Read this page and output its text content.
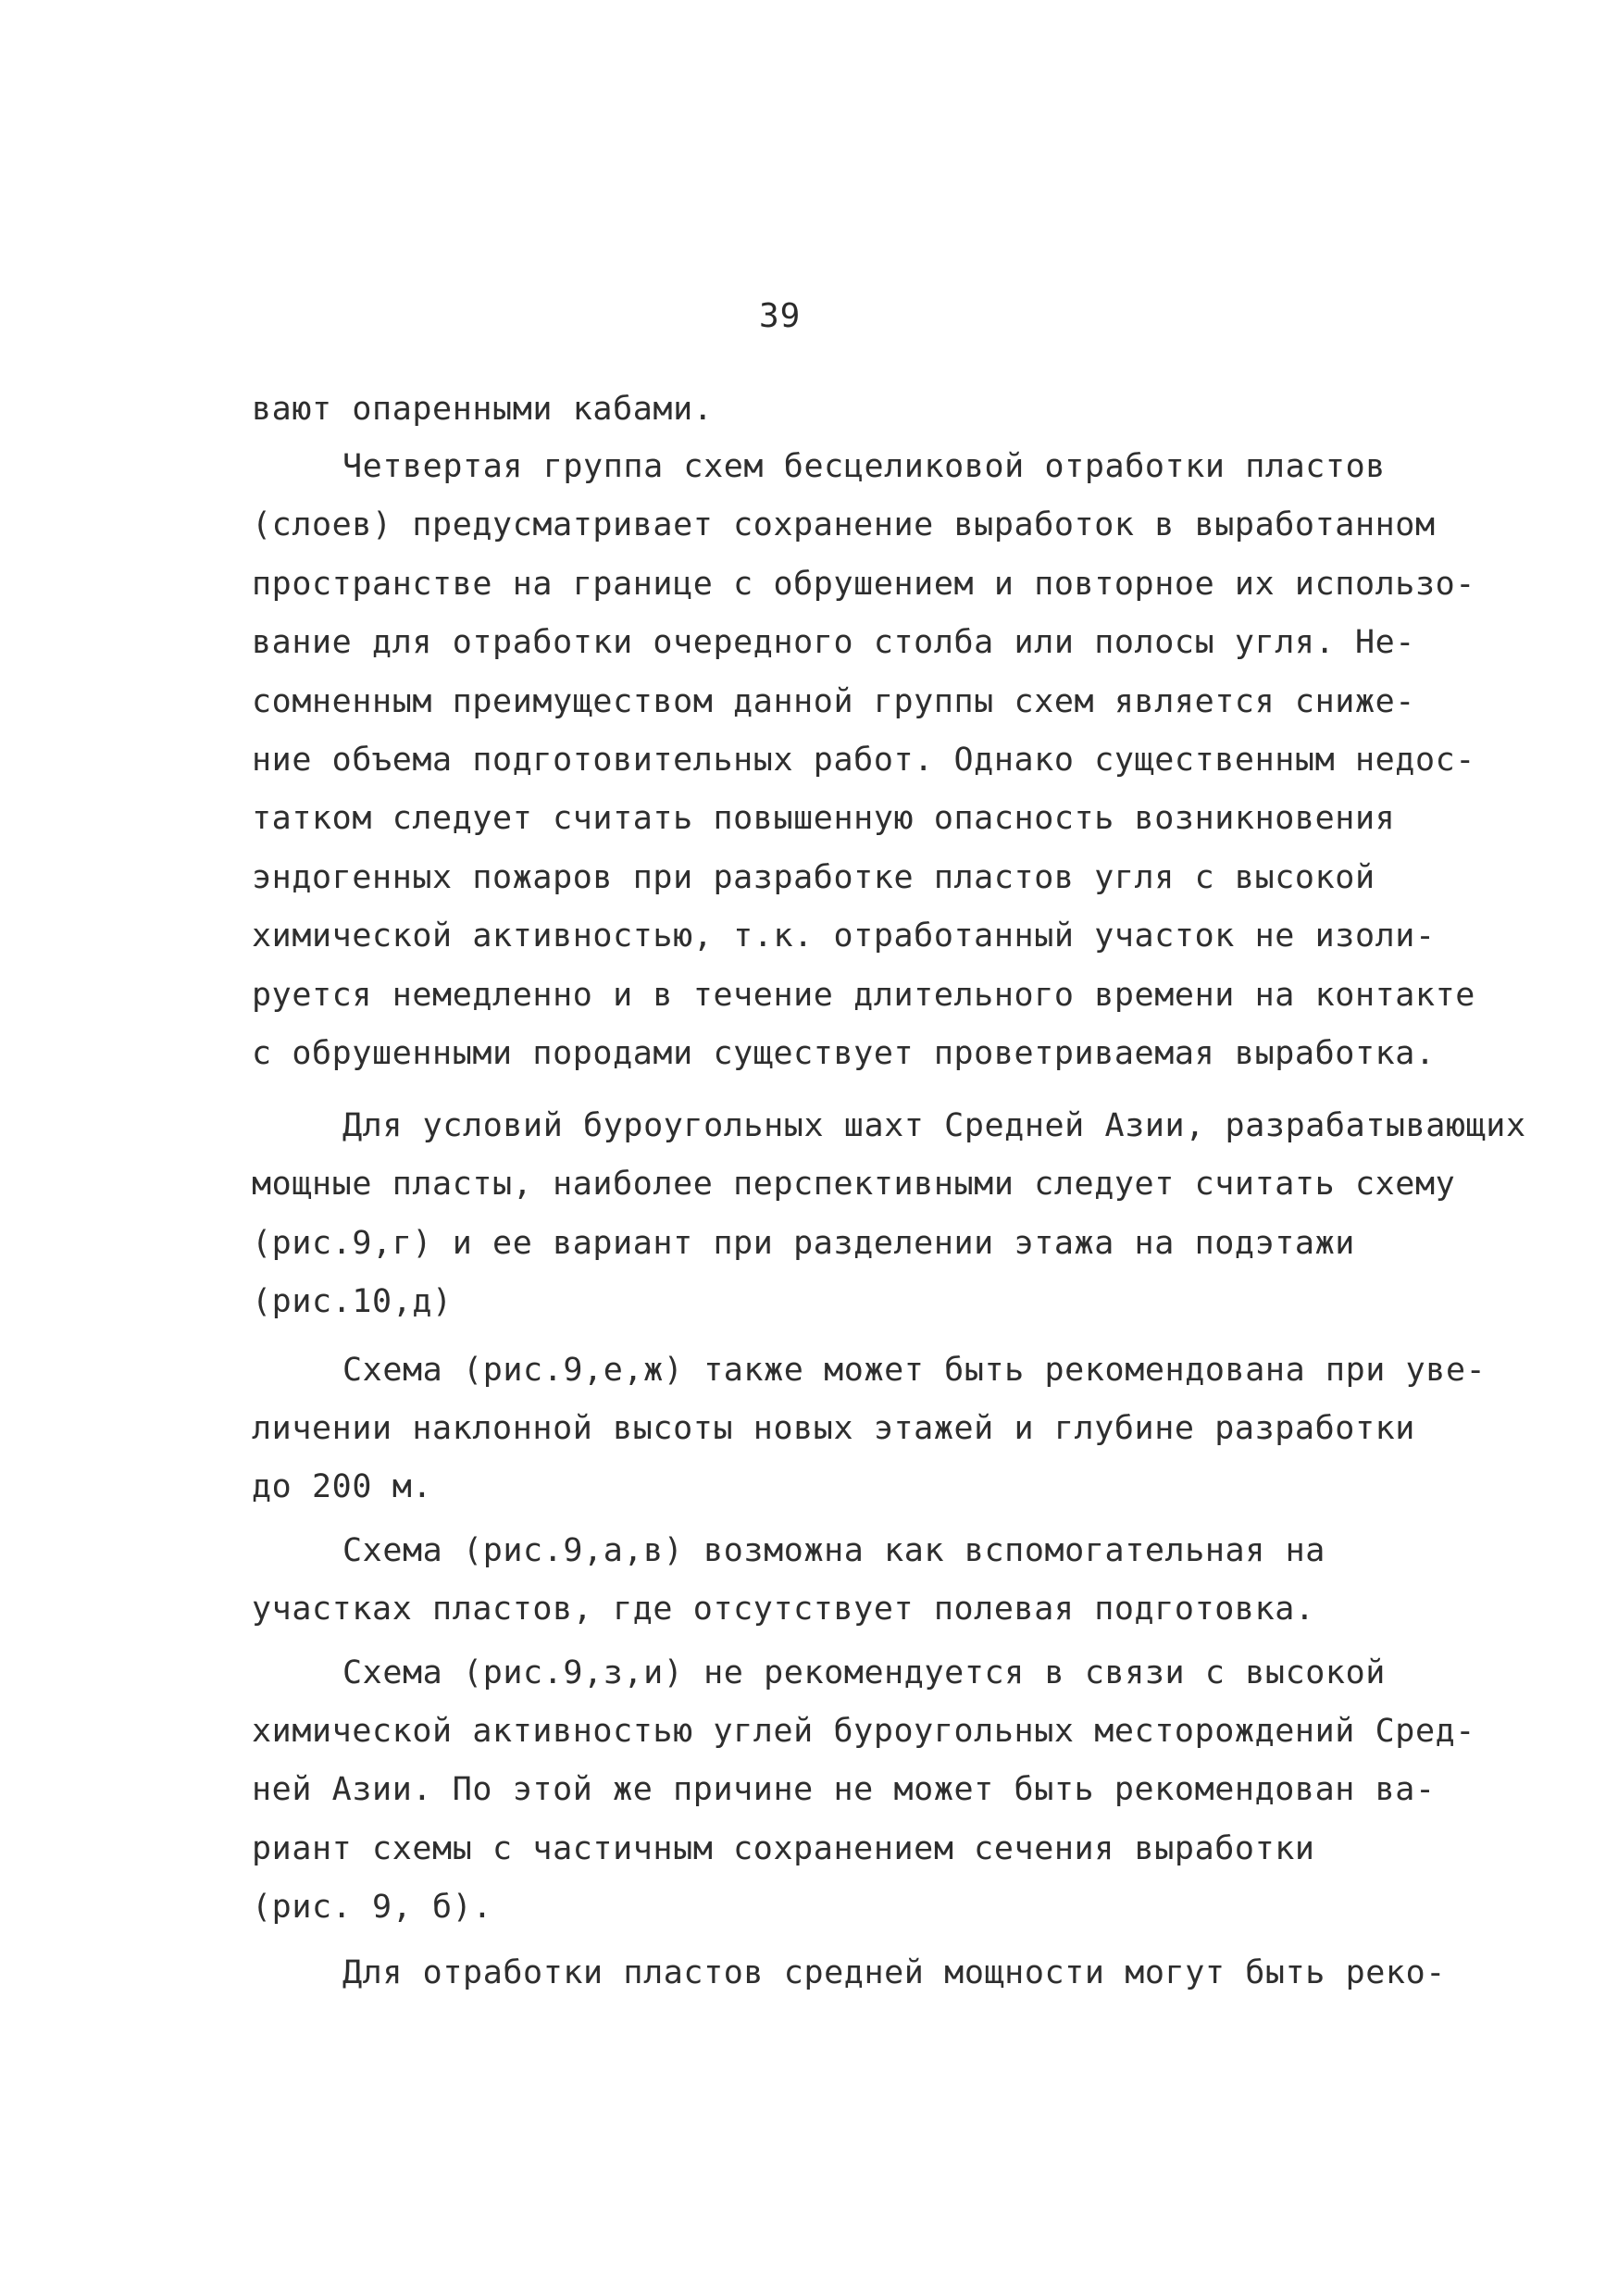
39
вают опаренными кабами.
Четвертая группа схем бесцеликовой отработки пластов
(слоев) предусматривает сохранение выработок в выработанном
пространстве на границе с обрушением и повторное их использо-
вание для отработки очередного столба или полосы угля. Не-
сомненным преимуществом данной группы схем является сниже-
ние объема подготовительных работ. Однако существенным недос-
татком следует считать повышенную опасность возникновения
эндогенных пожаров при разработке пластов угля с высокой
химической активностью, т.к. отработанный участок не изоли-
руется немедленно и в течение длительного времени на контакте
с обрушенными породами существует проветриваемая выработка.
Для условий буроугольных шахт Средней Азии, разрабатывающих
мощные пласты, наиболее перспективными следует считать схему
(рис.9,г) и ее вариант при разделении этажа на подэтажи
(рис.10,д)
Схема (рис.9,е,ж) также может быть рекомендована при уве-
личении наклонной высоты новых этажей и глубине разработки
до 200 м.
Схема (рис.9,а,в) возможна как вспомогательная на
участках пластов, где отсутствует полевая подготовка.
Схема (рис.9,з,и) не рекомендуется в связи с высокой
химической активностью углей буроугольных месторождений Сред-
ней Азии. По этой же причине не может быть рекомендован ва-
риант схемы с частичным сохранением сечения выработки
(рис. 9, б).
Для отработки пластов средней мощности могут быть реко-
